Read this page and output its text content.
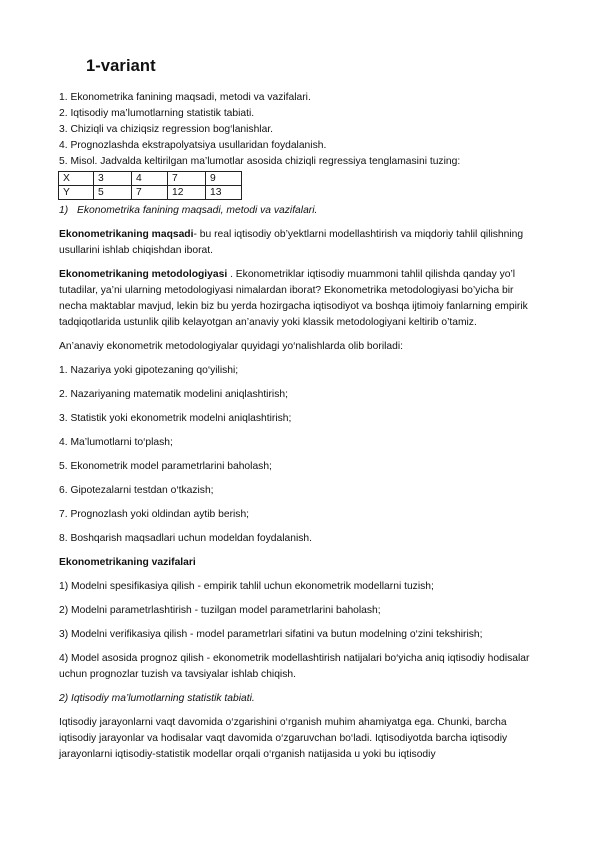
1-variant
1. Ekonometrika fanining maqsadi, metodi va vazifalari.
2. Iqtisodiy ma’lumotlarning statistik tabiati.
3. Chiziqli va chiziqsiz regression bog‘lanishlar.
4. Prognozlashda ekstrapolyatsiya usullaridan foydalanish.
5. Misol. Jadvalda keltirilgan ma’lumotlar asosida chiziqli regressiya tenglamasini tuzing:
X	3	4	7	9
Y	5	7	12	13
1) Ekonometrika fanining maqsadi, metodi va vazifalari.

Ekonometrikaning maqsadi- bu real iqtisodiy ob’yektlarni modellashtirish va miqdoriy tahlil qilishning usullarini ishlab chiqishdan iborat.

Ekonometrikaning metodologiyasi . Ekonometriklar iqtisodiy muammoni tahlil qilishda qanday yo’l tutadilar, ya’ni ularning metodologiyasi nimalardan iborat? Ekonometrika metodologiyasi bo’yicha bir necha maktablar mavjud, lekin biz bu yerda hozirgacha iqtisodiyot va boshqa ijtimoiy fanlarning empirik tadqiqotlarida ustunlik qilib kelayotgan an’anaviy yoki klassik metodologiyani keltirib o’tamiz.

An’anaviy ekonometrik metodologiyalar quyidagi yo‘nalishlarda olib boriladi:

1. Nazariya yoki gipotezaning qo‘yilishi;

2. Nazariyaning matematik modelini aniqlashtirish;

3. Statistik yoki ekonometrik modelni aniqlashtirish;

4. Ma’lumotlarni to‘plash;

5. Ekonometrik model parametrlarini baholash;

6. Gipotezalarni testdan o‘tkazish;

7. Prognozlash yoki oldindan aytib berish;

8. Boshqarish maqsadlari uchun modeldan foydalanish.

Ekonometrikaning vazifalari

1) Modelni spesifikasiya qilish - empirik tahlil uchun ekonometrik modellarni tuzish;

2) Modelni parametrlashtirish - tuzilgan model parametrlarini baholash;

3) Modelni verifikasiya qilish - model parametrlari sifatini va butun modelning o‘zini tekshirish;

4) Model asosida prognoz qilish - ekonometrik modellashtirish natijalari bo‘yicha aniq iqtisodiy hodisalar uchun prognozlar tuzish va tavsiyalar ishlab chiqish.

2) Iqtisodiy ma’lumotlarning statistik tabiati.

Iqtisodiy jarayonlarni vaqt davomida o‘zgarishini o‘rganish muhim ahamiyatga ega. Chunki, barcha iqtisodiy jarayonlar va hodisalar vaqt davomida o‘zgaruvchan bo‘ladi. Iqtisodiyotda barcha iqtisodiy jarayonlarni iqtisodiy-statistik modellar orqali o‘rganish natijasida u yoki bu iqtisodiy
